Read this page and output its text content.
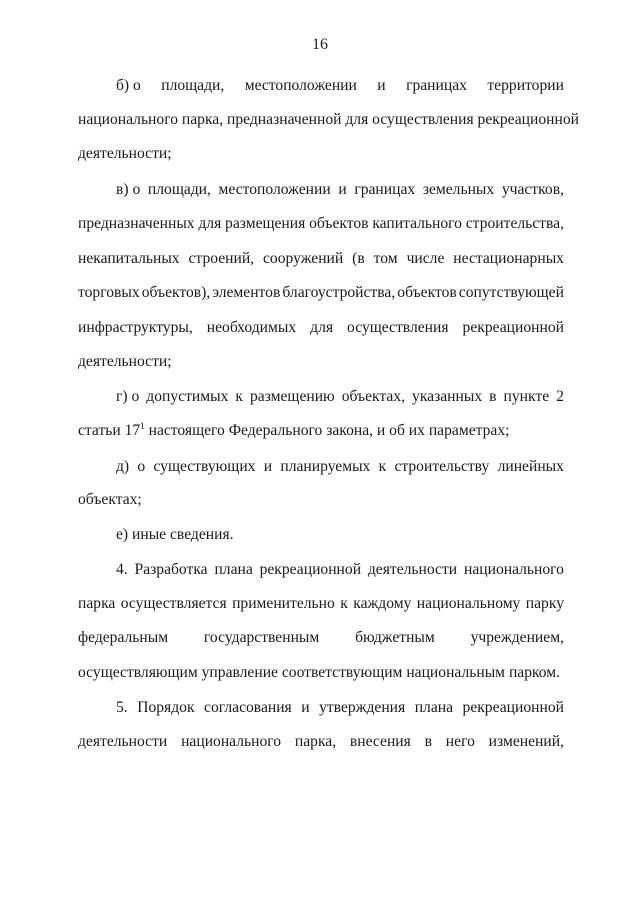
16
б) о площади, местоположении и границах территории
национального парка, предназначенной для осуществления рекреационной
деятельности;
в) о площади, местоположении и границах земельных участков,
предназначенных для размещения объектов капитального строительства,
некапитальных строений, сооружений (в том числе нестационарных
торговых объектов), элементов благоустройства, объектов сопутствующей
инфраструктуры, необходимых для осуществления рекреационной
деятельности;
г) о допустимых к размещению объектах, указанных в пункте 2
статьи $17^1$ настоящего Федерального закона, и об их параметрах;
д) о существующих и планируемых к строительству линейных
объектах;
е) иные сведения.
4. Разработка плана рекреационной деятельности национального
парка осуществляется применительно к каждому национальному парку
федеральным государственным бюджетным учреждением,
осуществляющим управление соответствующим национальным парком.
5. Порядок согласования и утверждения плана рекреационной
деятельности национального парка, внесения в него изменений,
